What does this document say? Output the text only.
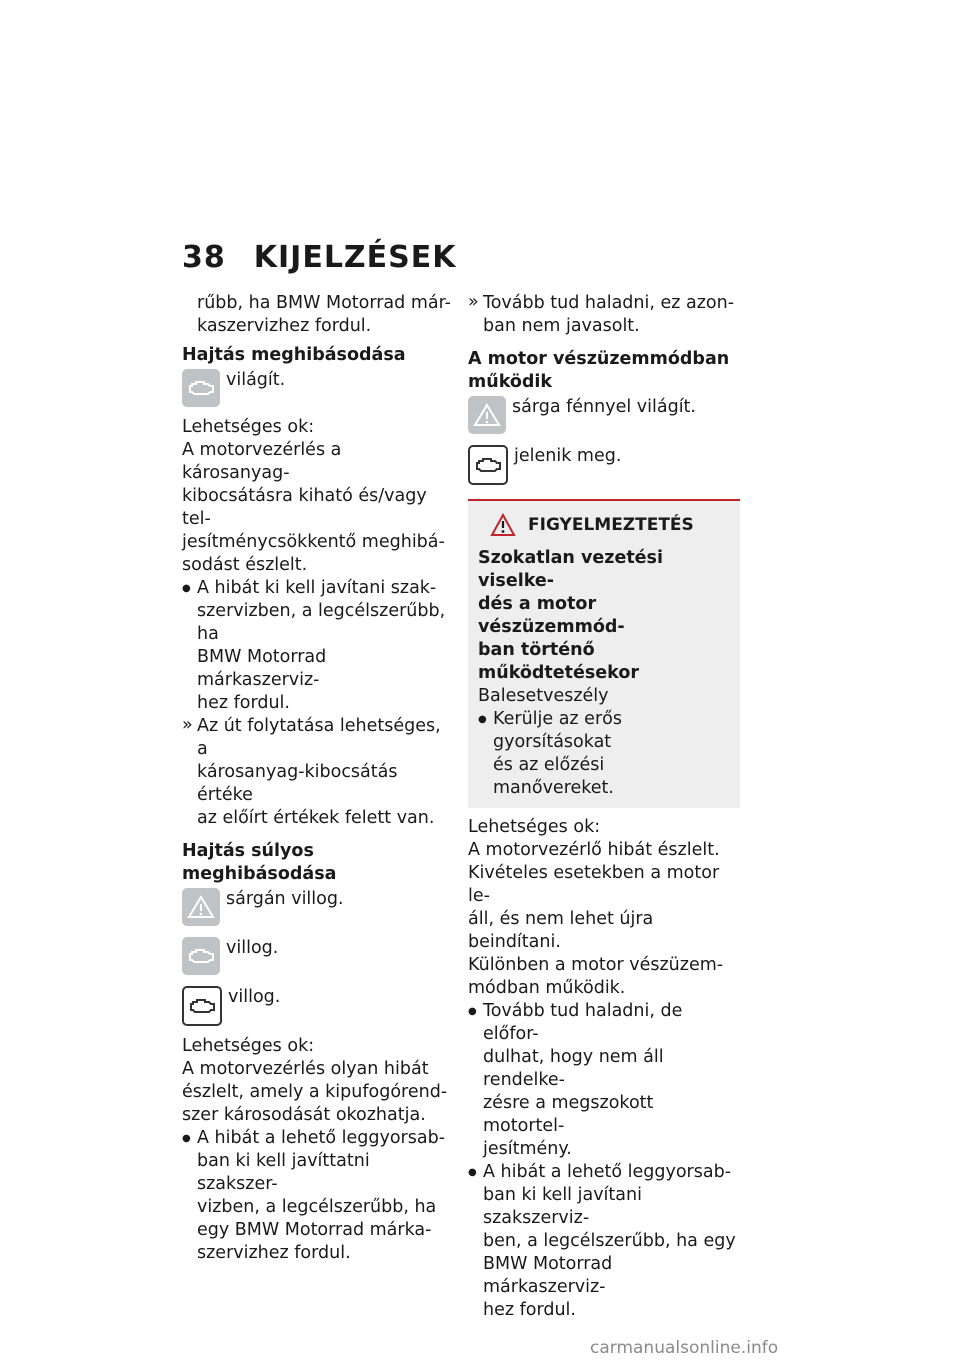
38 KIJELZÉSEK

rűbb, ha BMW Motorrad már-

kaszervizhez fordul.

Hajtás meghibásodása

világít.

Lehetséges ok:

A motorvezérlés a károsanyag-

kibocsátásra kiható és/vagy tel-

jesítménycsökkentő meghibá-

sodást észlelt.

● A hibát ki kell javítani szak-

szervizben, a legcélszerűbb, ha

BMW Motorrad márkaszerviz-

hez fordul.

» Az út folytatása lehetséges, a

károsanyag-kibocsátás értéke

az előírt értékek felett van.

Hajtás súlyos meghibásodása

sárgán villog.
villog.
villog.

Lehetséges ok:

A motorvezérlés olyan hibát

észlelt, amely a kipufogórend-

szer károsodását okozhatja.

● A hibát a lehető leggyorsab-

ban ki kell javíttatni szakszer-

vizben, a legcélszerűbb, ha

egy BMW Motorrad márka-

szervizhez fordul.

» Tovább tud haladni, ez azon-

ban nem javasolt.

A motor vészüzemmódban

működik

sárga fénnyel világít.
jelenik meg.
FIGYELMEZTETÉS

Szokatlan vezetési viselke-

dés a motor vészüzemmód-

ban történő működtetésekor

Balesetveszély

● Kerülje az erős gyorsításokat

és az előzési manővereket.

Lehetséges ok:

A motorvezérlő hibát észlelt.

Kivételes esetekben a motor le-

áll, és nem lehet újra beindítani.

Különben a motor vészüzem-

módban működik.

● Tovább tud haladni, de előfor-

dulhat, hogy nem áll rendelke-

zésre a megszokott motortel-

jesítmény.

● A hibát a lehető leggyorsab-

ban ki kell javítani szakszerviz-

ben, a legcélszerűbb, ha egy

BMW Motorrad márkaszerviz-

hez fordul.

carmanualsonline.info
